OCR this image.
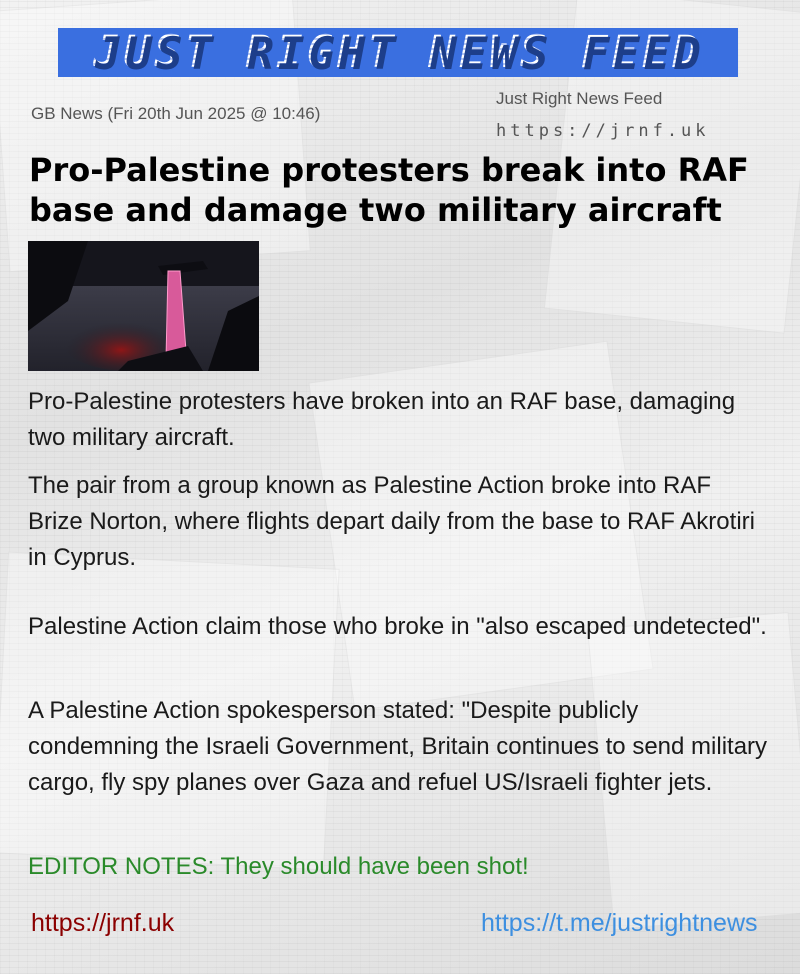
JUST RIGHT NEWS FEED
GB News (Fri 20th Jun 2025 @ 10:46)
Just Right News Feed
https://jrnf.uk
Pro-Palestine protesters break into RAF base and damage two military aircraft

Pro-Palestine protesters have broken into an RAF base, damaging two military aircraft.

The pair from a group known as Palestine Action broke into RAF Brize Norton, where flights depart daily from the base to RAF Akrotiri in Cyprus.

Palestine Action claim those who broke in "also escaped undetected".

A Palestine Action spokesperson stated: "Despite publicly condemning the Israeli Government, Britain continues to send military cargo, fly spy planes over Gaza and refuel US/Israeli fighter jets.

EDITOR NOTES: They should have been shot!
https://jrnf.uk	https://t.me/justrightnews
